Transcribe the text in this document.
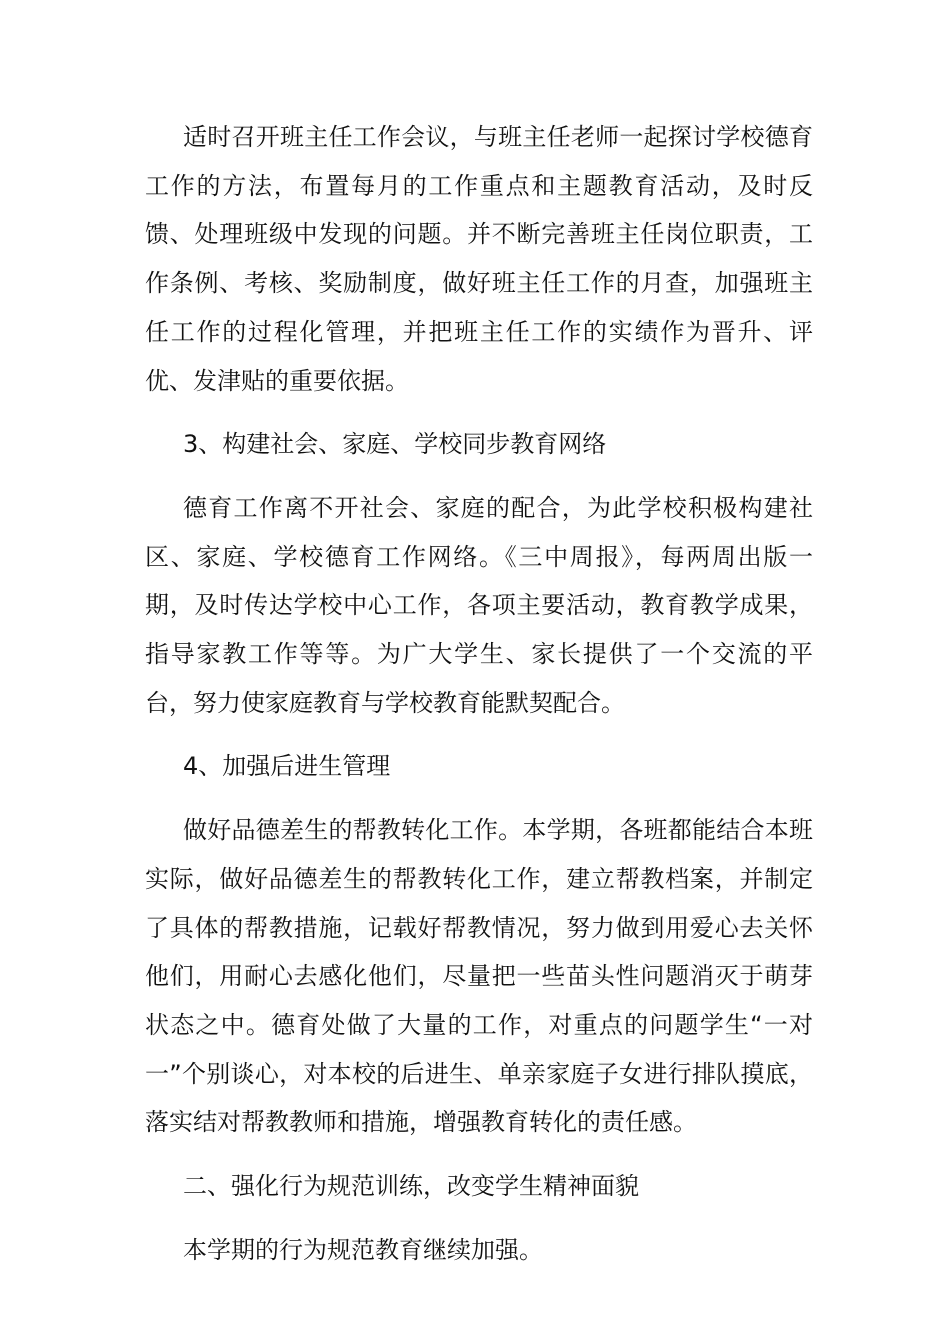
适时召开班主任工作会议，与班主任老师一起探讨学校德育工作的方法，布置每月的工作重点和主题教育活动，及时反馈、处理班级中发现的问题。并不断完善班主任岗位职责，工作条例、考核、奖励制度，做好班主任工作的月查，加强班主任工作的过程化管理，并把班主任工作的实绩作为晋升、评优、发津贴的重要依据。

3、构建社会、家庭、学校同步教育网络

德育工作离不开社会、家庭的配合，为此学校积极构建社区、家庭、学校德育工作网络。《三中周报》，每两周出版一期，及时传达学校中心工作，各项主要活动，教育教学成果，指导家教工作等等。为广大学生、家长提供了一个交流的平台，努力使家庭教育与学校教育能默契配合。

4、加强后进生管理

做好品德差生的帮教转化工作。本学期，各班都能结合本班实际，做好品德差生的帮教转化工作，建立帮教档案，并制定了具体的帮教措施，记载好帮教情况，努力做到用爱心去关怀他们，用耐心去感化他们，尽量把一些苗头性问题消灭于萌芽状态之中。德育处做了大量的工作，对重点的问题学生“一对一”个别谈心，对本校的后进生、单亲家庭子女进行排队摸底，落实结对帮教教师和措施，增强教育转化的责任感。

二、强化行为规范训练，改变学生精神面貌

本学期的行为规范教育继续加强。
